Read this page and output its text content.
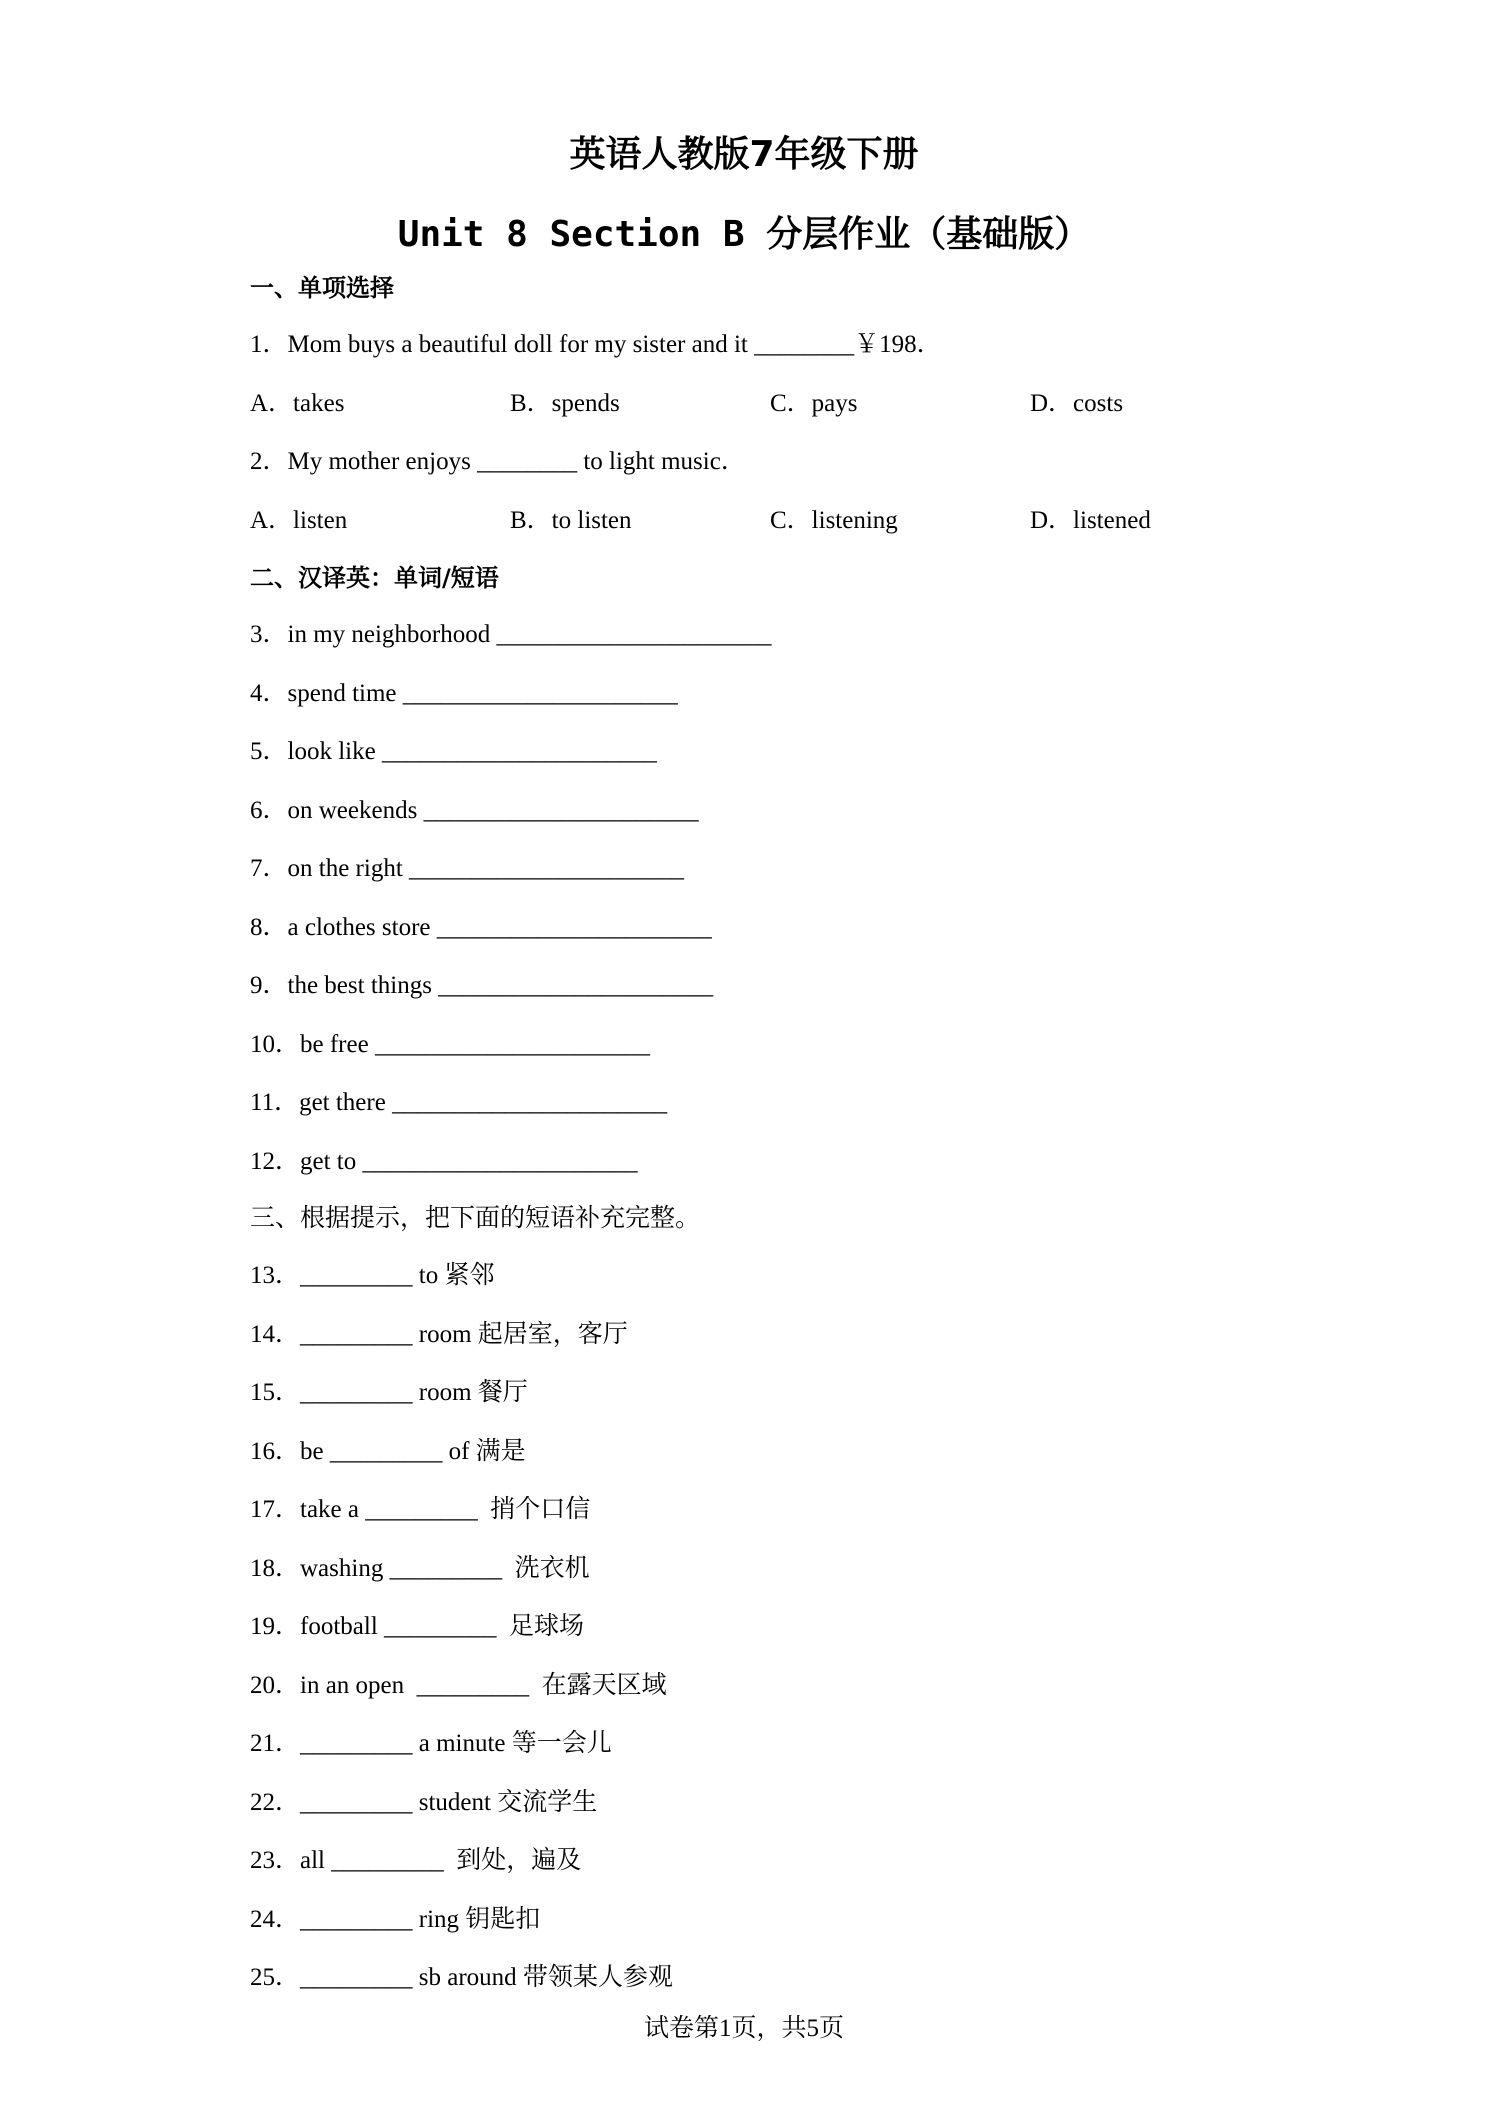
英语人教版7年级下册
Unit 8 Section B 分层作业（基础版）
一、单项选择
1．Mom buys a beautiful doll for my sister and it ________￥198．
A．takes	B．spends	C．pays	D．costs
2．My mother enjoys ________ to light music．
A．listen	B．to listen	C．listening	D．listened
二、汉译英：单词/短语
3．in my neighborhood ______________________
4．spend time ______________________
5．look like ______________________
6．on weekends ______________________
7．on the right ______________________
8．a clothes store ______________________
9．the best things ______________________
10．be free ______________________
11．get there ______________________
12．get to ______________________
三、根据提示，把下面的短语补充完整。
13．_________ to 紧邻
14．_________ room 起居室，客厅
15．_________ room 餐厅
16．be _________ of 满是
17．take a _________  捎个口信
18．washing _________  洗衣机
19．football _________  足球场
20．in an open  _________  在露天区域
21．_________ a minute 等一会儿
22．_________ student 交流学生
23．all _________  到处，遍及
24．_________ ring 钥匙扣
25．_________ sb around 带领某人参观
试卷第1页，共5页
